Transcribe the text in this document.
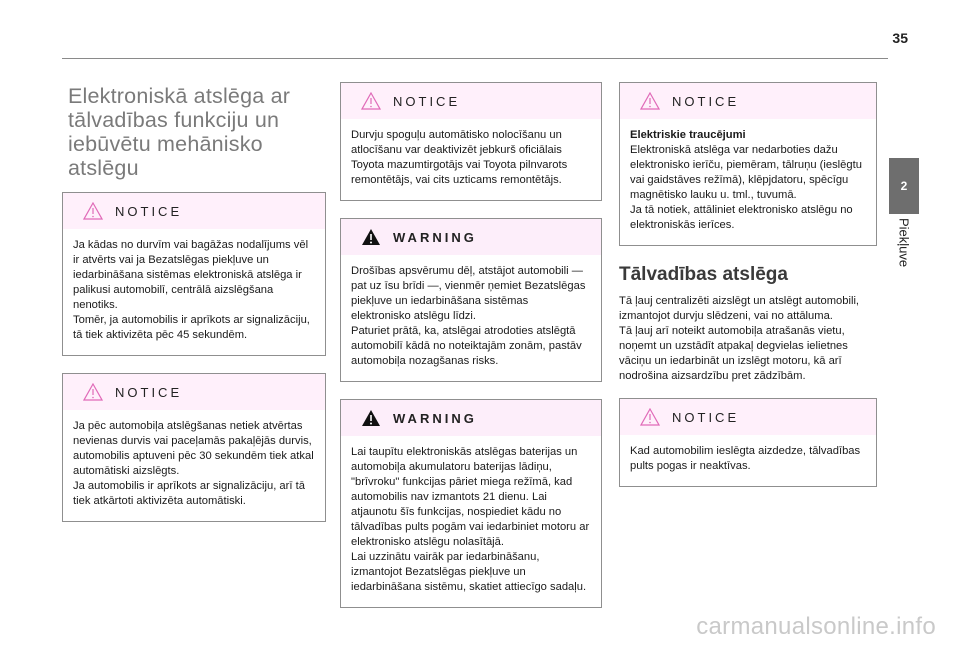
35
Elektroniskā atslēga ar tālvadības funkciju un iebūvētu mehānisko atslēgu
NOTICE
Ja kādas no durvīm vai bagāžas nodalījums vēl ir atvērts vai ja Bezatslēgas piekļuve un iedarbināšana sistēmas elektroniskā atslēga ir palikusi automobilī, centrālā aizslēgšana nenotiks.
Tomēr, ja automobilis ir aprīkots ar signalizāciju, tā tiek aktivizēta pēc 45 sekundēm.
NOTICE
Ja pēc automobiļa atslēgšanas netiek atvērtas nevienas durvis vai paceļamās pakaļējās durvis, automobilis aptuveni pēc 30 sekundēm tiek atkal automātiski aizslēgts.
Ja automobilis ir aprīkots ar signalizāciju, arī tā tiek atkārtoti aktivizēta automātiski.
NOTICE
Durvju spoguļu automātisko nolocīšanu un atlocīšanu var deaktivizēt jebkurš oficiālais Toyota mazumtirgotājs vai Toyota pilnvarots remontētājs, vai cits uzticams remontētājs.
WARNING
Drošības apsvērumu dēļ, atstājot automobili — pat uz īsu brīdi —, vienmēr ņemiet Bezatslēgas piekļuve un iedarbināšana sistēmas elektronisko atslēgu līdzi.
Paturiet prātā, ka, atslēgai atrodoties atslēgtā automobilī kādā no noteiktajām zonām, pastāv automobiļa nozagšanas risks.
WARNING
Lai taupītu elektroniskās atslēgas baterijas un automobiļa akumulatoru baterijas lādiņu, "brīvroku" funkcijas pāriet miega režīmā, kad automobilis nav izmantots 21 dienu. Lai atjaunotu šīs funkcijas, nospiediet kādu no tālvadības pults pogām vai iedarbiniet motoru ar elektronisko atslēgu nolasītājā.
Lai uzzinātu vairāk par iedarbināšanu, izmantojot Bezatslēgas piekļuve un iedarbināšana sistēmu, skatiet attiecīgo sadaļu.
NOTICE

Elektriskie traucējumi

Elektroniskā atslēga var nedarboties dažu elektronisko ierīču, piemēram, tālruņu (ieslēgtu vai gaidstāves režīmā), klēpjdatoru, spēcīgu magnētisko lauku u. tml., tuvumā.
Ja tā notiek, attāliniet elektronisko atslēgu no elektroniskās ierīces.

Tālvadības atslēga
Tā ļauj centralizēti aizslēgt un atslēgt automobili, izmantojot durvju slēdzeni, vai no attāluma.
Tā ļauj arī noteikt automobiļa atrašanās vietu, noņemt un uzstādīt atpakaļ degvielas ielietnes vāciņu un iedarbināt un izslēgt motoru, kā arī nodrošina aizsardzību pret zādzībām.
NOTICE
Kad automobilim ieslēgta aizdedze, tālvadības pults pogas ir neaktīvas.
2
Piekļuve
carmanualsonline.info
